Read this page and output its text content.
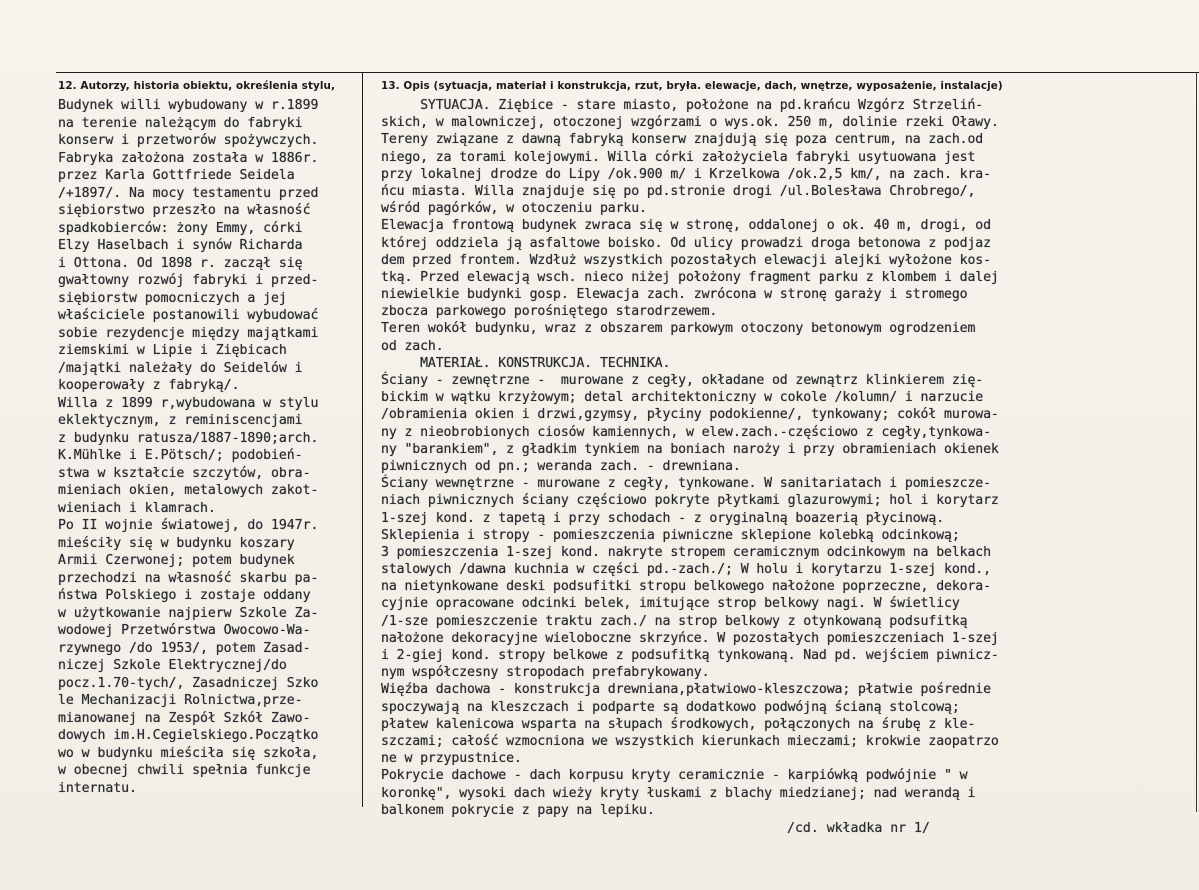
12. Autorzy, historia obiektu, określenia stylu,	13. Opis (sytuacja, materiał i konstrukcja, rzut, bryła. elewacje, dach, wnętrze, wyposażenie, instalacje)
Budynek willi wybudowany w r.1899
na terenie należącym do fabryki
konserw i przetworów spożywczych.
Fabryka założona została w 1886r.
przez Karla Gottfriede Seidela
/+1897/. Na mocy testamentu przed
siębiorstwo przeszło na własność
spadkobierców: żony Emmy, córki
Elzy Haselbach i synów Richarda
i Ottona. Od 1898 r. zaczął się
gwałtowny rozwój fabryki i przed-
siębiorstw pomocniczych a jej
właściciele postanowili wybudować
sobie rezydencje między majątkami
ziemskimi w Lipie i Ziębicach
/majątki należały do Seidelów i
kooperowały z fabryką/.
Willa z 1899 r,wybudowana w stylu
eklektycznym, z reminiscencjami
z budynku ratusza/1887-1890;arch.
K.Mühlke i E.Pötsch/; podobień-
stwa w kształcie szczytów, obra-
mieniach okien, metalowych zakot-
wieniach i klamrach.
Po II wojnie światowej, do 1947r.
mieściły się w budynku koszary
Armii Czerwonej; potem budynek
przechodzi na własność skarbu pa-
ństwa Polskiego i zostaje oddany
w użytkowanie najpierw Szkole Za-
wodowej Przetwórstwa Owocowo-Wa-
rzywnego /do 1953/, potem Zasad-
niczej Szkole Elektrycznej/do
pocz.1.70-tych/, Zasadniczej Szko
le Mechanizacji Rolnictwa,prze-
mianowanej na Zespół Szkół Zawo-
dowych im.H.Cegielskiego.Początko
wo w budynku mieściła się szkoła,
w obecnej chwili spełnia funkcje
internatu.
SYTUACJA. Ziębice - stare miasto, położone na pd.krańcu Wzgórz Strzeliń-
skich, w malowniczej, otoczonej wzgórzami o wys.ok. 250 m, dolinie rzeki Oławy.
Tereny związane z dawną fabryką konserw znajdują się poza centrum, na zach.od
niego, za torami kolejowymi. Willa córki założyciela fabryki usytuowana jest
przy lokalnej drodze do Lipy /ok.900 m/ i Krzelkowa /ok.2,5 km/, na zach. kra-
ńcu miasta. Willa znajduje się po pd.stronie drogi /ul.Bolesława Chrobrego/,
wśród pagórków, w otoczeniu parku.
Elewacja frontową budynek zwraca się w stronę, oddalonej o ok. 40 m, drogi, od
której oddziela ją asfaltowe boisko. Od ulicy prowadzi droga betonowa z podjaz
dem przed frontem. Wzdłuż wszystkich pozostałych elewacji alejki wyłożone kos-
tką. Przed elewacją wsch. nieco niżej położony fragment parku z klombem i dalej
niewielkie budynki gosp. Elewacja zach. zwrócona w stronę garaży i stromego
zbocza parkowego porośniętego starodrzewem.
Teren wokół budynku, wraz z obszarem parkowym otoczony betonowym ogrodzeniem
od zach.
MATERIAŁ. KONSTRUKCJA. TECHNIKA.
Ściany - zewnętrzne -  murowane z cegły, okładane od zewnątrz klinkierem zię-
bickim w wątku krzyżowym; detal architektoniczny w cokole /kolumn/ i narzucie
/obramienia okien i drzwi,gzymsy, płyciny podokienne/, tynkowany; cokół murowa-
ny z nieobrobionych ciosów kamiennych, w elew.zach.-częściowo z cegły,tynkowa-
ny "barankiem", z gładkim tynkiem na boniach naroży i przy obramieniach okienek
piwnicznych od pn.; weranda zach. - drewniana.
Ściany wewnętrzne - murowane z cegły, tynkowane. W sanitariatach i pomieszcze-
niach piwnicznych ściany częściowo pokryte płytkami glazurowymi; hol i korytarz
1-szej kond. z tapetą i przy schodach - z oryginalną boazerią płycinową.
Sklepienia i stropy - pomieszczenia piwniczne sklepione kolebką odcinkową;
3 pomieszczenia 1-szej kond. nakryte stropem ceramicznym odcinkowym na belkach
stalowych /dawna kuchnia w części pd.-zach./; W holu i korytarzu 1-szej kond.,
na nietynkowane deski podsufitki stropu belkowego nałożone poprzeczne, dekora-
cyjnie opracowane odcinki belek, imitujące strop belkowy nagi. W świetlicy
/1-sze pomieszczenie traktu zach./ na strop belkowy z otynkowaną podsufitką
nałożone dekoracyjne wieloboczne skrzyńce. W pozostałych pomieszczeniach 1-szej
i 2-giej kond. stropy belkowe z podsufitką tynkowaną. Nad pd. wejściem piwnicz-
nym współczesny stropodach prefabrykowany.
Więźba dachowa - konstrukcja drewniana,płatwiowo-kleszczowa; płatwie pośrednie
spoczywają na kleszczach i podparte są dodatkowo podwójną ścianą stolcową;
płatew kalenicowa wsparta na słupach środkowych, połączonych na śrubę z kle-
szczami; całość wzmocniona we wszystkich kierunkach mieczami; krokwie zaopatrzo
ne w przypustnice.
Pokrycie dachowe - dach korpusu kryty ceramicznie - karpiówką podwójnie " w
koronkę", wysoki dach wieży kryty łuskami z blachy miedzianej; nad werandą i
balkonem pokrycie z papy na lepiku.
/cd. wkładka nr 1/
